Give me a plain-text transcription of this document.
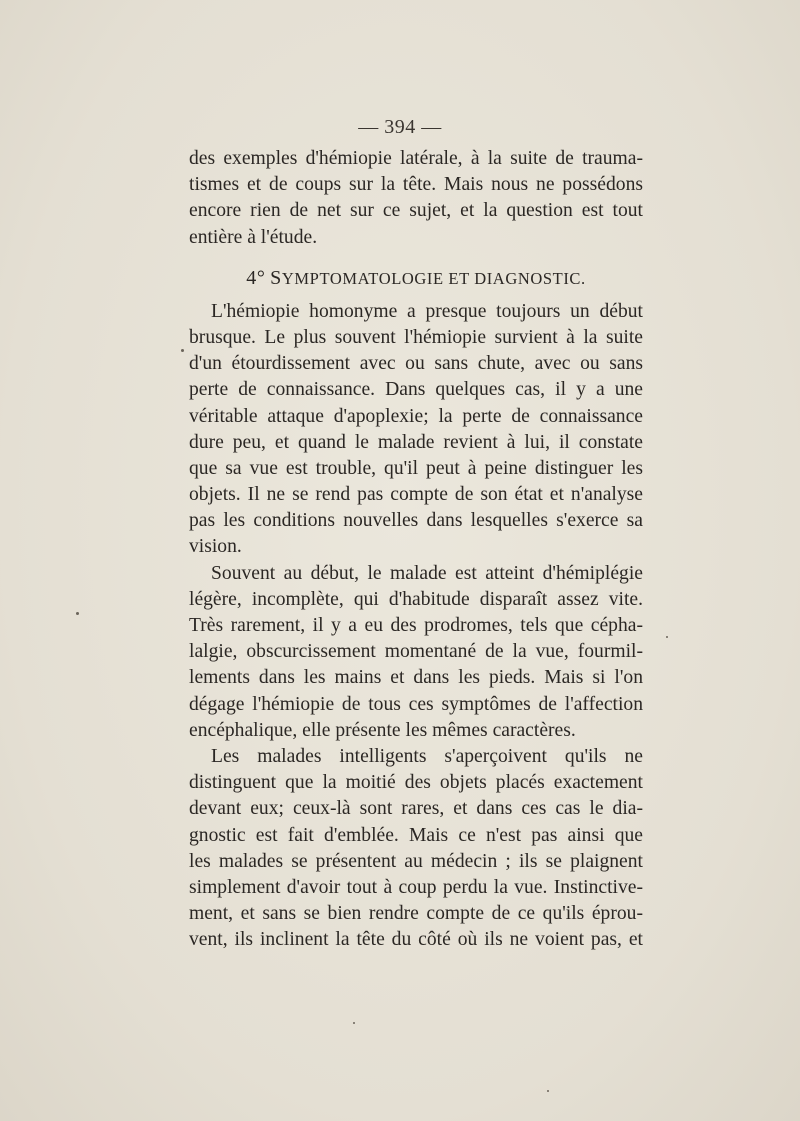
— 394 —
des exemples d'hémiopie latérale, à la suite de trauma-
tismes et de coups sur la tête. Mais nous ne possédons
encore rien de net sur ce sujet, et la question est tout
entière à l'étude.
4° SYMPTOMATOLOGIE ET DIAGNOSTIC.
L'hémiopie homonyme a presque toujours un début
brusque. Le plus souvent l'hémiopie survient à la suite
d'un étourdissement avec ou sans chute, avec ou sans
perte de connaissance. Dans quelques cas, il y a une
véritable attaque d'apoplexie; la perte de connaissance
dure peu, et quand le malade revient à lui, il constate
que sa vue est trouble, qu'il peut à peine distinguer les
objets. Il ne se rend pas compte de son état et n'analyse
pas les conditions nouvelles dans lesquelles s'exerce sa
vision.
Souvent au début, le malade est atteint d'hémiplégie
légère, incomplète, qui d'habitude disparaît assez vite.
Très rarement, il y a eu des prodromes, tels que cépha-
lalgie, obscurcissement momentané de la vue, fourmil-
lements dans les mains et dans les pieds. Mais si l'on
dégage l'hémiopie de tous ces symptômes de l'affection
encéphalique, elle présente les mêmes caractères.
Les malades intelligents s'aperçoivent qu'ils ne
distinguent que la moitié des objets placés exactement
devant eux; ceux-là sont rares, et dans ces cas le dia-
gnostic est fait d'emblée. Mais ce n'est pas ainsi que
les malades se présentent au médecin ; ils se plaignent
simplement d'avoir tout à coup perdu la vue. Instinctive-
ment, et sans se bien rendre compte de ce qu'ils éprou-
vent, ils inclinent la tête du côté où ils ne voient pas, et
